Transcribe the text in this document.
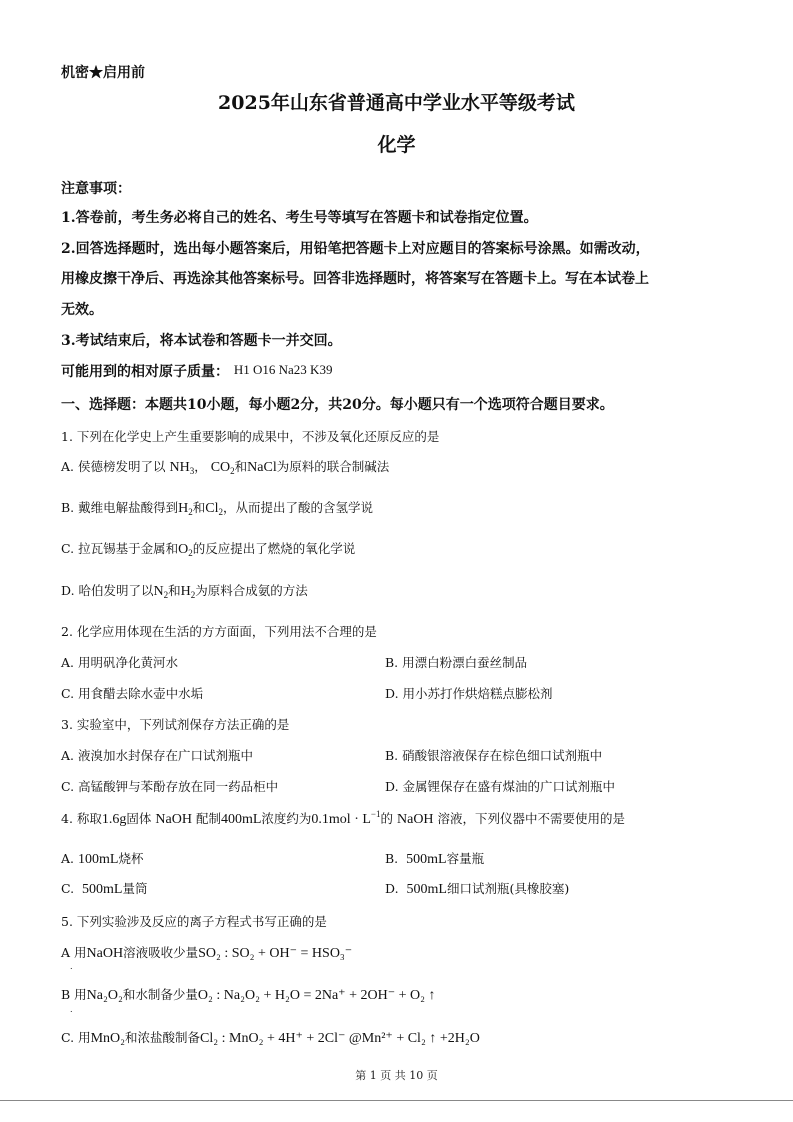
机密★启用前
2025年山东省普通高中学业水平等级考试
化学
注意事项：
1.答卷前，考生务必将自己的姓名、考生号等填写在答题卡和试卷指定位置。
2.回答选择题时，选出每小题答案后，用铅笔把答题卡上对应题目的答案标号涂黑。如需改动，
用橡皮擦干净后、再选涂其他答案标号。回答非选择题时，将答案写在答题卡上。写在本试卷上
无效。
3.考试结束后，将本试卷和答题卡一并交回。
可能用到的相对原子质量： H1 O16 Na23 K39
一、选择题：本题共10小题，每小题2分，共20分。每小题只有一个选项符合题目要求。
1. 下列在化学史上产生重要影响的成果中，不涉及氧化还原反应的是
A. 侯德榜发明了以 $NH_3$， $CO_2$和NaCl为原料的联合制碱法
B. 戴维电解盐酸得到$H_2$和$Cl_2$，从而提出了酸的含氢学说
C. 拉瓦锡基于金属和$O_2$的反应提出了燃烧的氧化学说
D. 哈伯发明了以$N_2$和$H_2$为原料合成氨的方法
2. 化学应用体现在生活的方方面面，下列用法不合理的是
A. 用明矾净化黄河水	B. 用漂白粉漂白蚕丝制品
C. 用食醋去除水壶中水垢	D. 用小苏打作烘焙糕点膨松剂
3. 实验室中，下列试剂保存方法正确的是
A. 液溴加水封保存在广口试剂瓶中	B. 硝酸银溶液保存在棕色细口试剂瓶中
C. 高锰酸钾与苯酚存放在同一药品柜中	D. 金属锂保存在盛有煤油的广口试剂瓶中
4. 称取1.6g固体 NaOH 配制400mL浓度约为$0.1mol \cdot L^{-1}$的 NaOH 溶液，下列仪器中不需要使用的是
A. 100mL烧杯	B.  500mL容量瓶
C.  500mL量筒	D.  500mL细口试剂瓶(具橡胶塞)
5. 下列实验涉及反应的离子方程式书写正确的是
A 用NaOH溶液吸收少量SO₂ : SO₂ + OH⁻ = HSO₃⁻
.
B 用Na₂O₂和水制备少量O₂ : Na₂O₂ + H₂O = 2Na⁺ + 2OH⁻ + O₂ ↑
.
C. 用MnO₂和浓盐酸制备Cl₂ : MnO₂ + 4H⁺ + 2Cl⁻ @Mn²⁺ + Cl₂ ↑ +2H₂O
第 1 页 共 10 页
